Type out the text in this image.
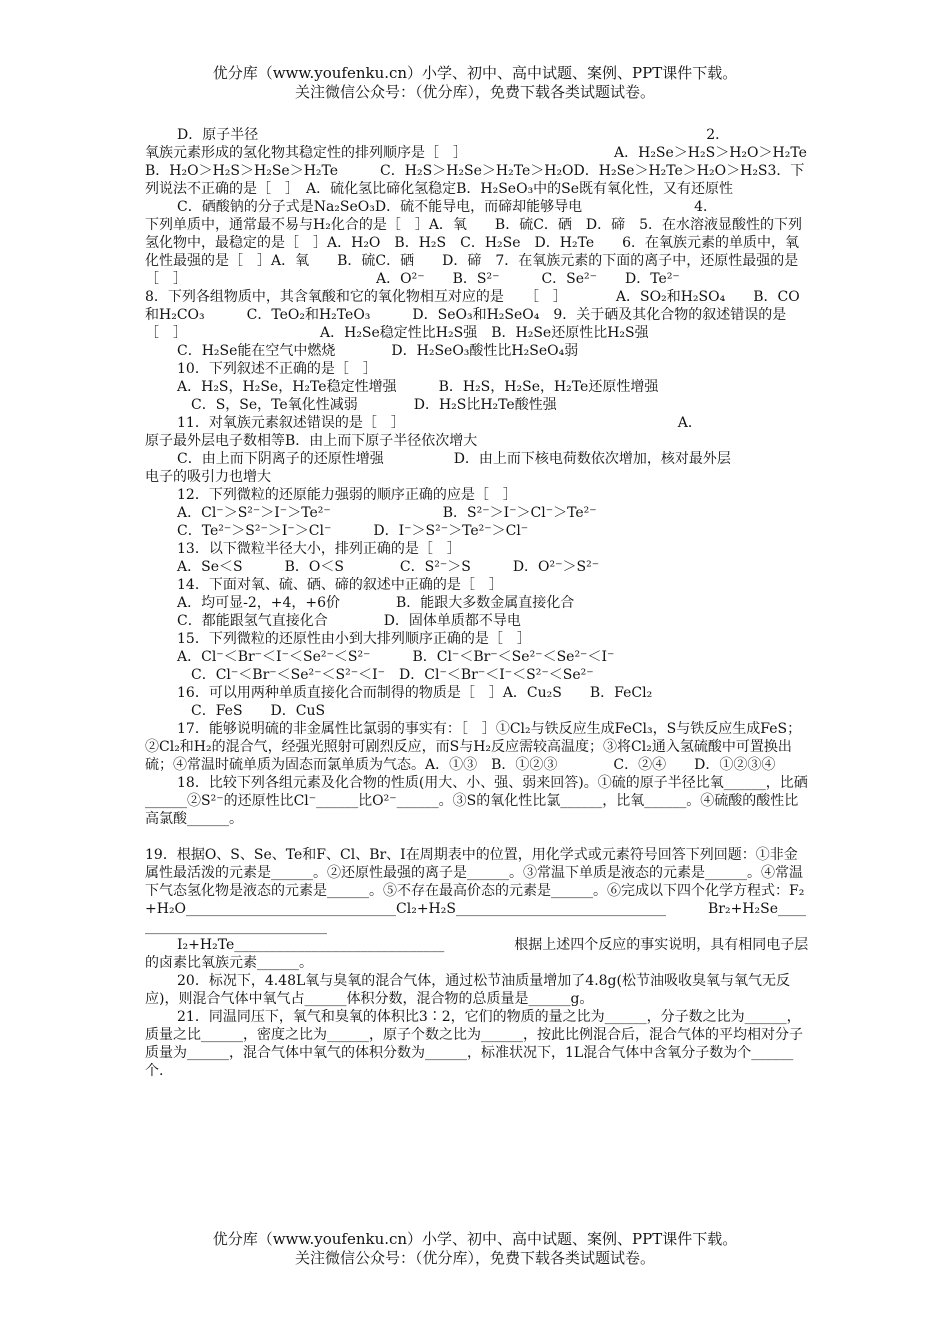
优分库（www.youfenku.cn）小学、初中、高中试题、案例、PPT课件下载。
关注微信公众号：（优分库），免费下载各类试题试卷。

D．原子半径　　　　　　　　　　　　　　　　　　　　　　　　　　　　　　　　2．

氧族元素形成的氢化物其稳定性的排列顺序是［　］　　　　　　　　　　　A．H₂Se＞H₂S＞H₂O＞H₂Te　　　B．H₂O＞H₂S＞H₂Se＞H₂Te　　　C．H₂S＞H₂Se＞H₂Te＞H₂OD．H₂Se＞H₂Te＞H₂O＞H₂S3．下列说法不正确的是［　］　A．硫化氢比碲化氢稳定B．H₂SeO₃中的Se既有氧化性，又有还原性

C．硒酸钠的分子式是Na₂SeO₃D．硫不能导电，而碲却能够导电　　　　　　　　4．

下列单质中，通常最不易与H₂化合的是［　］A．氧　　B．硫C．硒　D．碲　5．在水溶液显酸性的下列氢化物中，最稳定的是［　］A．H₂O　B．H₂S　C．H₂Se　D．H₂Te　　6．在氧族元素的单质中，氧化性最强的是［　］A．氧　　B．硫C．硒　　D．碲　7．在氧族元素的下面的离子中，还原性最强的是［　］　　　　　　　　　　　　　　A．O²⁻　　B．S²⁻　　　C．Se²⁻　　D．Te²⁻　　　　　　　　　　　　　　　　　8．下列各组物质中，其含氧酸和它的氧化物相互对应的是　　［　］　　　　A．SO₂和H₂SO₄　　B．CO和H₂CO₃　　　C．TeO₂和H₂TeO₃　　　D．SeO₃和H₂SeO₄　9．关于硒及其化合物的叙述错误的是［　］　　　　　　　　　　A．H₂Se稳定性比H₂S强　B．H₂Se还原性比H₂S强

C．H₂Se能在空气中燃烧　　　　D．H₂SeO₃酸性比H₂SeO₄弱

10．下列叙述不正确的是［　］

A．H₂S，H₂Se，H₂Te稳定性增强　　　B．H₂S，H₂Se，H₂Te还原性增强

　C．S，Se，Te氧化性减弱　　　　D．H₂S比H₂Te酸性强

11．对氧族元素叙述错误的是［　］　　　　　　　　　　　　　　　　　　　　A．

原子最外层电子数相等B．由上而下原子半径依次增大

C．由上而下阴离子的还原性增强　　　　　D．由上而下核电荷数依次增加，核对最外层

电子的吸引力也增大

12．下列微粒的还原能力强弱的顺序正确的应是［　］

A．Cl⁻＞S²⁻＞I⁻＞Te²⁻　　　　　　　　B．S²⁻＞I⁻＞Cl⁻＞Te²⁻

C．Te²⁻＞S²⁻＞I⁻＞Cl⁻　　　D．I⁻＞S²⁻＞Te²⁻＞Cl⁻

13．以下微粒半径大小，排列正确的是［　］

A．Se＜S　　　B．O＜S　　　　C．S²⁻＞S　　　D．O²⁻＞S²⁻

14．下面对氧、硫、硒、碲的叙述中正确的是［　］

A．均可显-2，+4，+6价　　　　B．能跟大多数金属直接化合

C．都能跟氢气直接化合　　　　D．固体单质都不导电

15．下列微粒的还原性由小到大排列顺序正确的是［　］

A．Cl⁻＜Br⁻＜I⁻＜Se²⁻＜S²⁻　　　B．Cl⁻＜Br⁻＜Se²⁻＜Se²⁻＜I⁻

　C．Cl⁻＜Br⁻＜Se²⁻＜S²⁻＜I⁻　D．Cl⁻＜Br⁻＜I⁻＜S²⁻＜Se²⁻

16．可以用两种单质直接化合而制得的物质是［　］A．Cu₂S　　B．FeCl₂

　C．FeS　　D．CuS

17．能够说明硫的非金属性比氯弱的事实有：［　］①Cl₂与铁反应生成FeCl₃，S与铁反应生成FeS；②Cl₂和H₂的混合气，经强光照射可剧烈反应，而S与H₂反应需较高温度；③将Cl₂通入氢硫酸中可置换出硫；④常温时硫单质为固态而氯单质为气态。A．①③　B．①②③　　　　C．②④　　D．①②③④

18．比较下列各组元素及化合物的性质(用大、小、强、弱来回答)。①硫的原子半径比氧______，比硒______②S²⁻的还原性比Cl⁻______比O²⁻______。③S的氧化性比氯______，比氧______。④硫酸的酸性比高氯酸______。

19．根据O、S、Se、Te和F、Cl、Br、I在周期表中的位置，用化学式或元素符号回答下列回题：①非金属性最活泼的元素是______。②还原性最强的离子是______。③常温下单质是液态的元素是______。④常温下气态氢化物是液态的元素是______。⑤不存在最高价态的元素是______。⑥完成以下四个化学方程式：F₂+H₂O______________________________Cl₂+H₂S______________________________　　　Br₂+H₂Se______________________________

I₂+H₂Te______________________________　　　　　根据上述四个反应的事实说明，具有相同电子层的卤素比氧族元素______。

20．标况下，4.48L氧与臭氧的混合气体，通过松节油质量增加了4.8g(松节油吸收臭氧与氧气无反应)，则混合气体中氧气占______体积分数，混合物的总质量是______g。

21．同温同压下，氧气和臭氧的体积比3∶2，它们的物质的量之比为______，分子数之比为______，质量之比______，密度之比为______，原子个数之比为______，按此比例混合后，混合气体的平均相对分子质量为______，混合气体中氧气的体积分数为______，标准状况下，1L混合气体中含氧分子数为个______个.

优分库（www.youfenku.cn）小学、初中、高中试题、案例、PPT课件下载。
关注微信公众号：（优分库），免费下载各类试题试卷。
